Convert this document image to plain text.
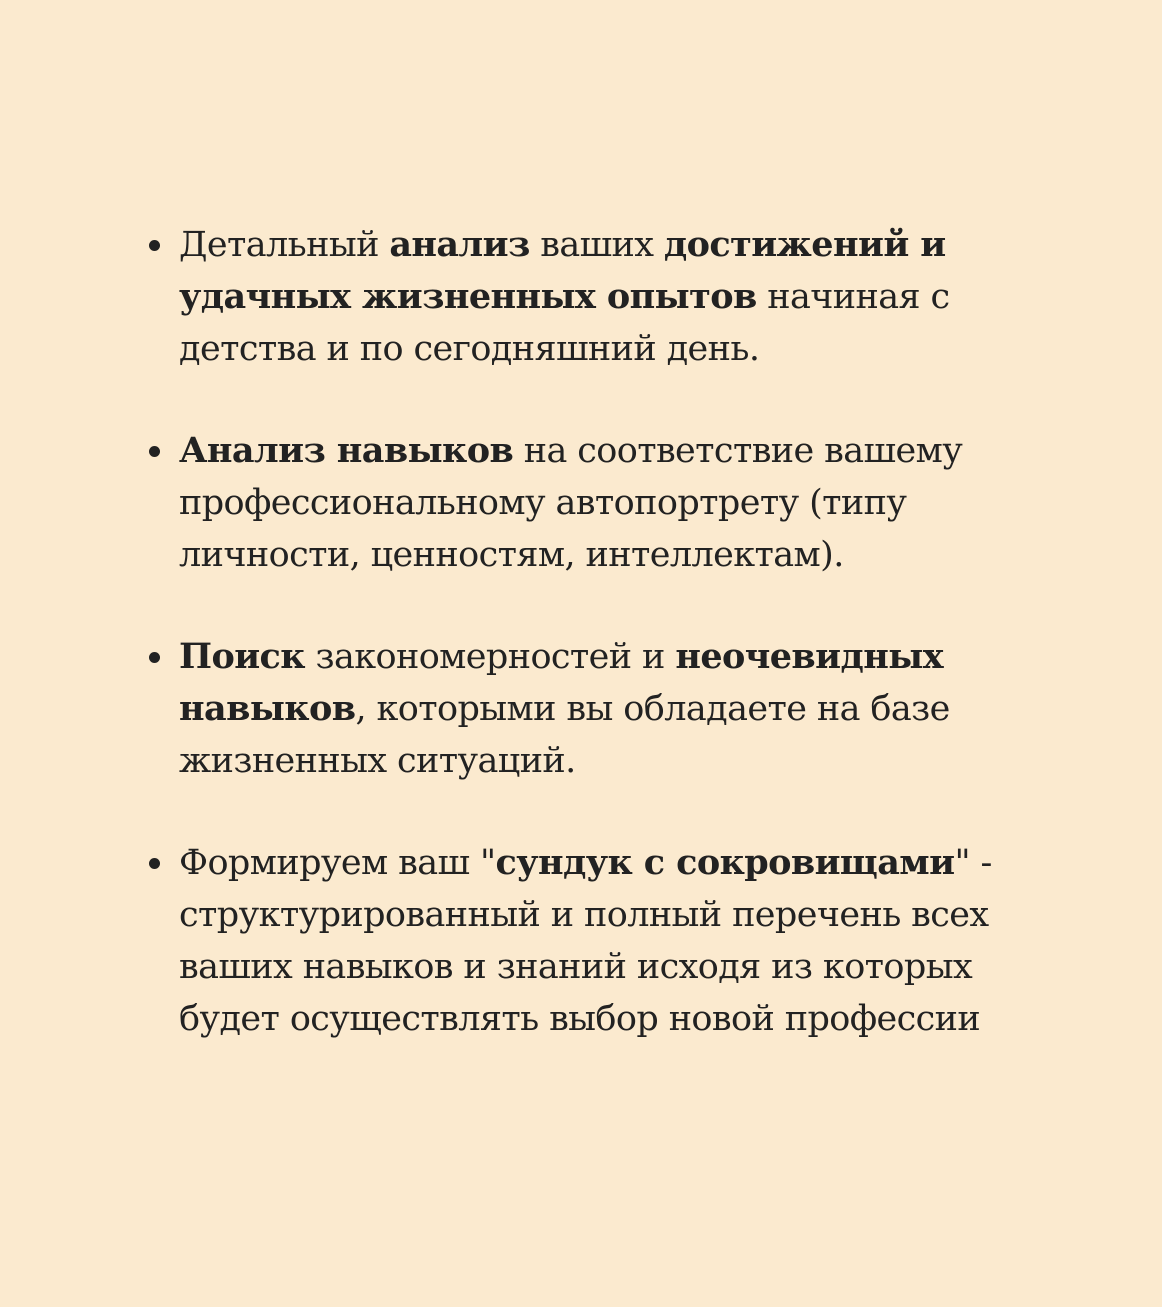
Детальный анализ ваших достижений и удачных жизненных опытов начиная с детства и по сегодняшний день.
Анализ навыков на соответствие вашему профессиональному автопортрету (типу личности, ценностям, интеллектам).
Поиск закономерностей и неочевидных навыков, которыми вы обладаете на базе жизненных ситуаций.
Формируем ваш "сундук с сокровищами" - структурированный и полный перечень всех ваших навыков и знаний исходя из которых будет осуществлять выбор новой профессии
